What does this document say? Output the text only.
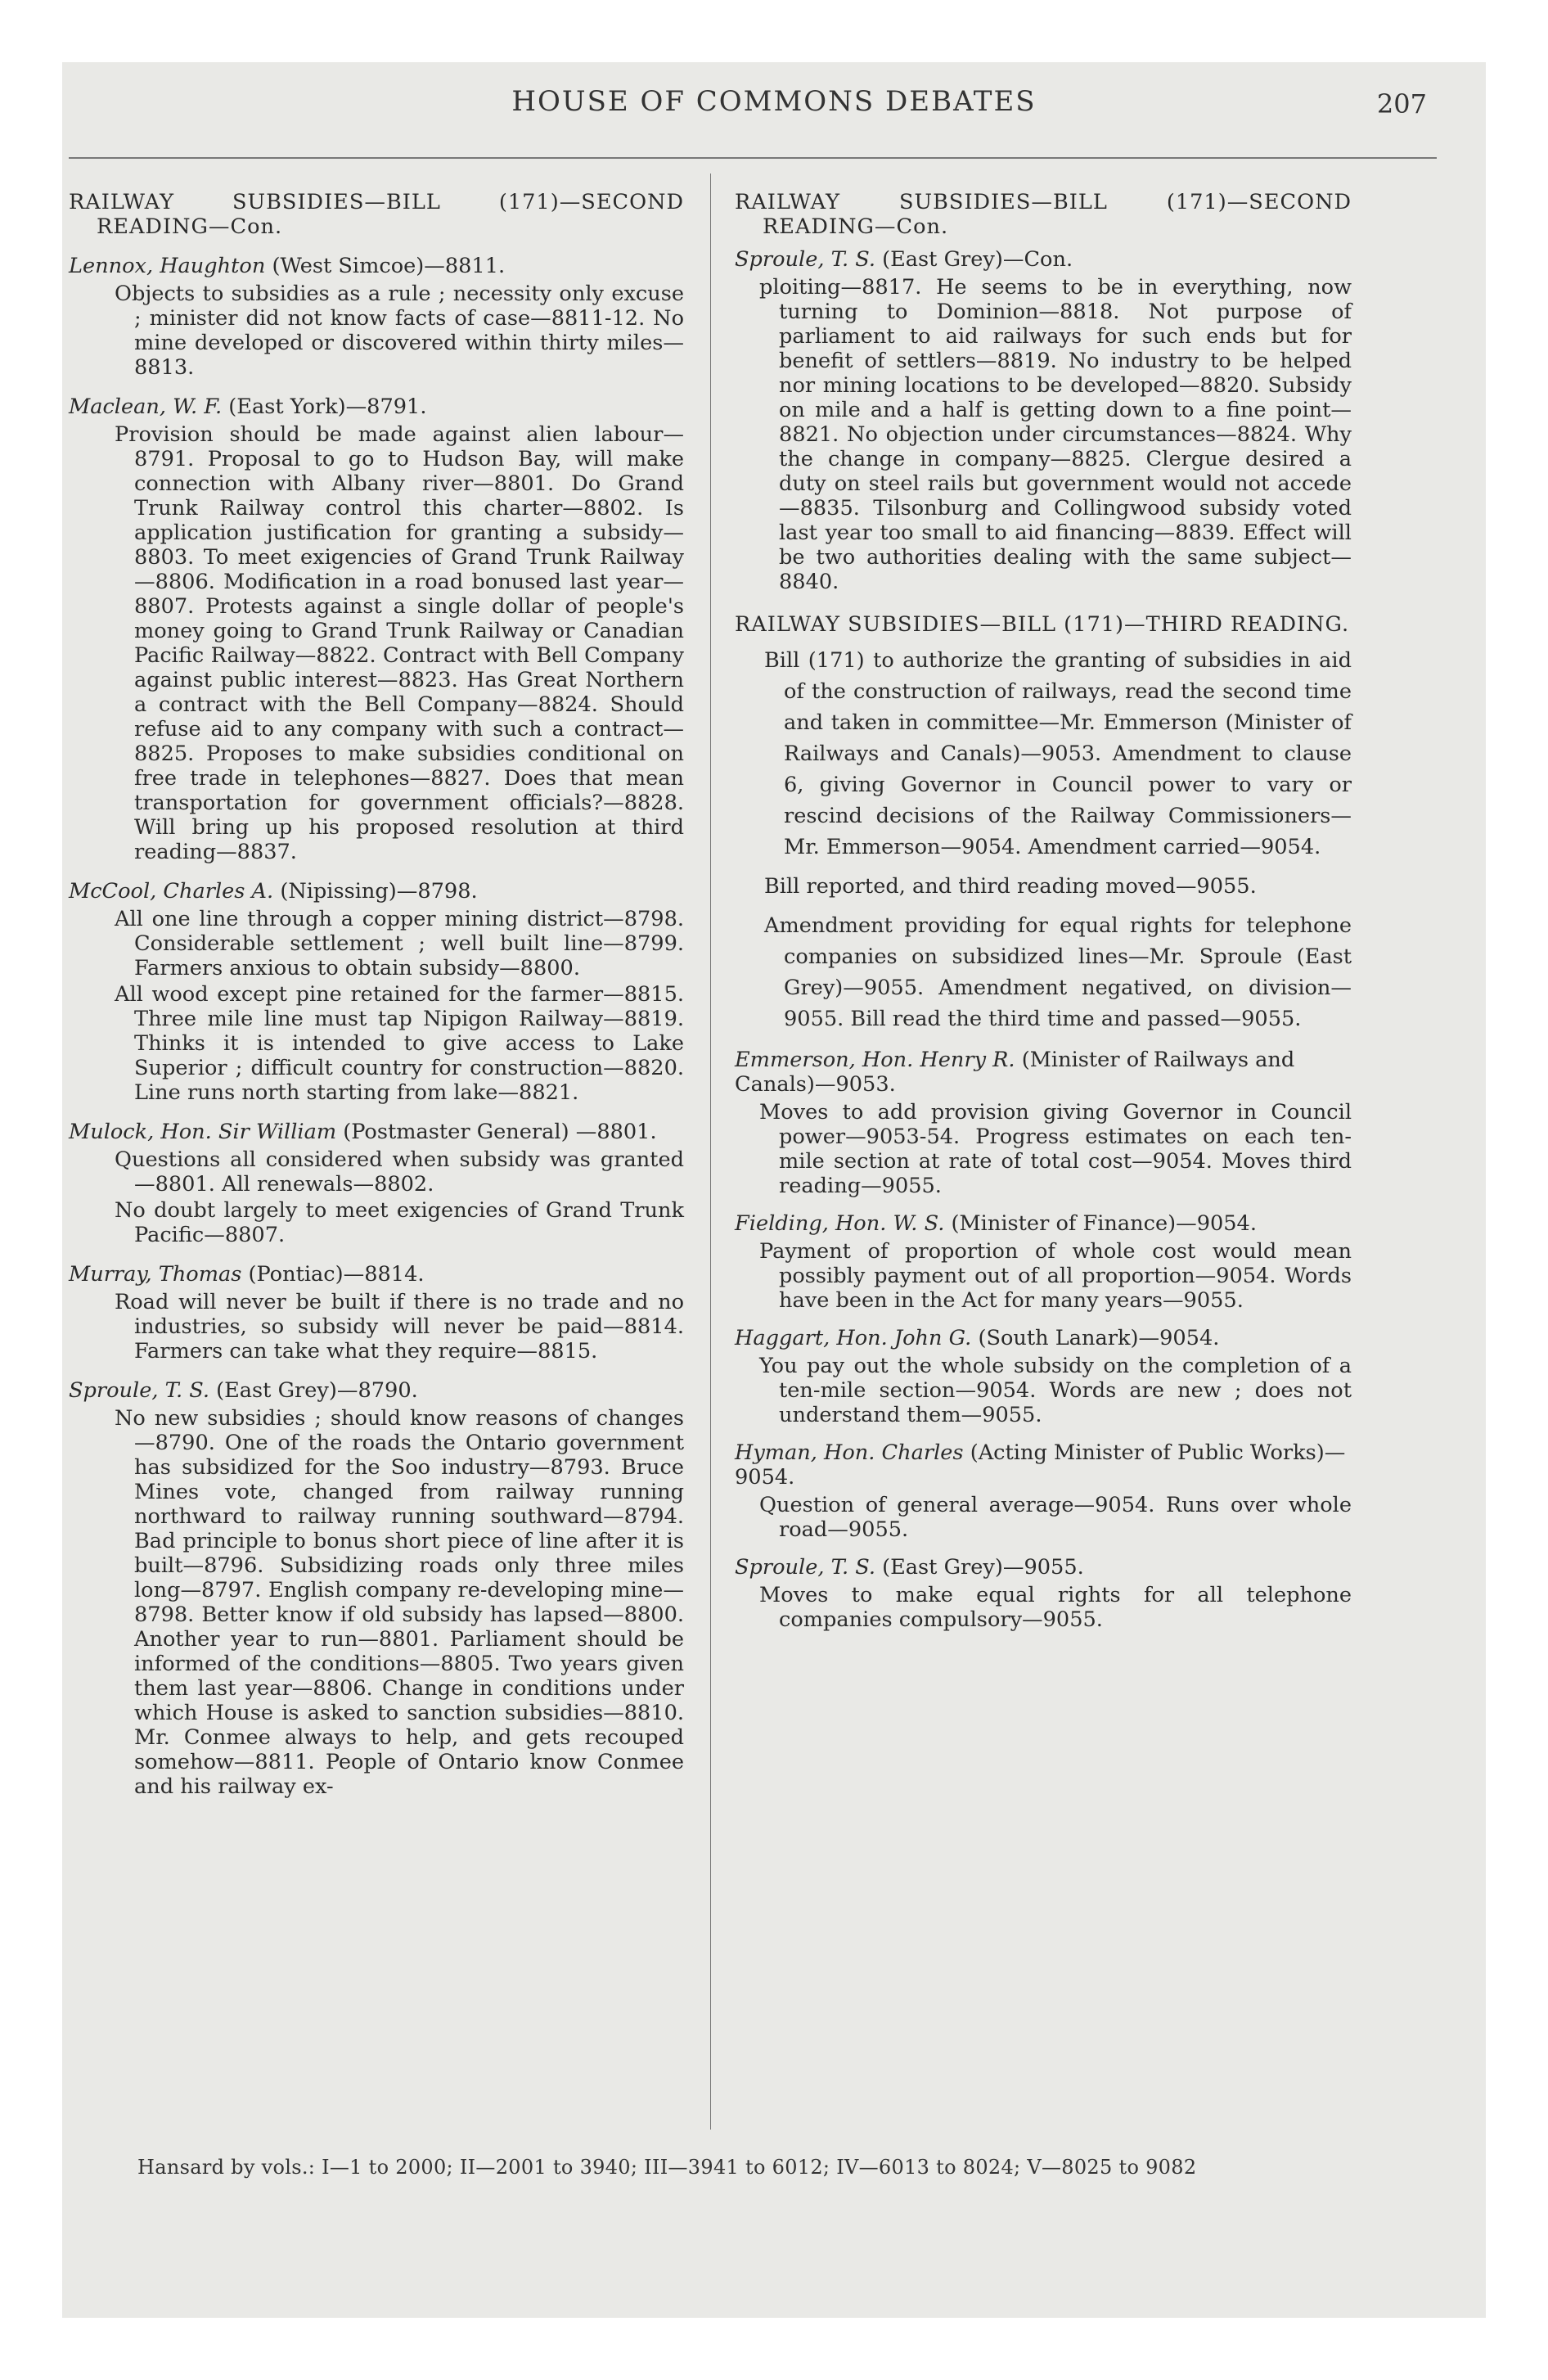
HOUSE OF COMMONS DEBATES	207

RAILWAY SUBSIDIES—BILL (171)—SECOND READING—Con.

Lennox, Haughton (West Simcoe)—8811.

Objects to subsidies as a rule ; necessity only excuse ; minister did not know facts of case—8811-12. No mine developed or discovered within thirty miles—8813.

Maclean, W. F. (East York)—8791.

Provision should be made against alien labour—8791. Proposal to go to Hudson Bay, will make connection with Albany river—8801. Do Grand Trunk Railway control this charter—8802. Is application justification for granting a subsidy—8803. To meet exigencies of Grand Trunk Railway—8806. Modification in a road bonused last year—8807. Protests against a single dollar of people's money going to Grand Trunk Railway or Canadian Pacific Railway—8822. Contract with Bell Company against public interest—8823. Has Great Northern a contract with the Bell Company—8824. Should refuse aid to any company with such a contract—8825. Proposes to make subsidies conditional on free trade in telephones—8827. Does that mean transportation for government officials?—8828. Will bring up his proposed resolution at third reading—8837.

McCool, Charles A. (Nipissing)—8798.

All one line through a copper mining district—8798. Considerable settlement ; well built line—8799. Farmers anxious to obtain subsidy—8800.

All wood except pine retained for the farmer—8815. Three mile line must tap Nipigon Railway—8819. Thinks it is intended to give access to Lake Superior ; difficult country for construction—8820. Line runs north starting from lake—8821.

Mulock, Hon. Sir William (Postmaster General) —8801.

Questions all considered when subsidy was granted—8801. All renewals—8802.

No doubt largely to meet exigencies of Grand Trunk Pacific—8807.

Murray, Thomas (Pontiac)—8814.

Road will never be built if there is no trade and no industries, so subsidy will never be paid—8814. Farmers can take what they require—8815.

Sproule, T. S. (East Grey)—8790.

No new subsidies ; should know reasons of changes—8790. One of the roads the Ontario government has subsidized for the Soo industry—8793. Bruce Mines vote, changed from railway running northward to railway running southward—8794. Bad principle to bonus short piece of line after it is built—8796. Subsidizing roads only three miles long—8797. English company re-developing mine—8798. Better know if old subsidy has lapsed—8800. Another year to run—8801. Parliament should be informed of the conditions—8805. Two years given them last year—8806. Change in conditions under which House is asked to sanction subsidies—8810. Mr. Conmee always to help, and gets recouped somehow—8811. People of Ontario know Conmee and his railway ex-

RAILWAY SUBSIDIES—BILL (171)—SECOND READING—Con.

Sproule, T. S. (East Grey)—Con.

ploiting—8817. He seems to be in everything, now turning to Dominion—8818. Not purpose of parliament to aid railways for such ends but for benefit of settlers—8819. No industry to be helped nor mining locations to be developed—8820. Subsidy on mile and a half is getting down to a fine point—8821. No objection under circumstances—8824. Why the change in company—8825. Clergue desired a duty on steel rails but government would not accede—8835. Tilsonburg and Collingwood subsidy voted last year too small to aid financing—8839. Effect will be two authorities dealing with the same subject—8840.

RAILWAY SUBSIDIES—BILL (171)—THIRD READING.

Bill (171) to authorize the granting of subsidies in aid of the construction of railways, read the second time and taken in committee—Mr. Emmerson (Minister of Railways and Canals)—9053. Amendment to clause 6, giving Governor in Council power to vary or rescind decisions of the Railway Commissioners—Mr. Emmerson—9054. Amendment carried—9054.

Bill reported, and third reading moved—9055.

Amendment providing for equal rights for telephone companies on subsidized lines—Mr. Sproule (East Grey)—9055. Amendment negatived, on division—9055. Bill read the third time and passed—9055.

Emmerson, Hon. Henry R. (Minister of Railways and Canals)—9053.

Moves to add provision giving Governor in Council power—9053-54. Progress estimates on each ten-mile section at rate of total cost—9054. Moves third reading—9055.

Fielding, Hon. W. S. (Minister of Finance)—9054.

Payment of proportion of whole cost would mean possibly payment out of all proportion—9054. Words have been in the Act for many years—9055.

Haggart, Hon. John G. (South Lanark)—9054.

You pay out the whole subsidy on the completion of a ten-mile section—9054. Words are new ; does not understand them—9055.

Hyman, Hon. Charles (Acting Minister of Public Works)—9054.

Question of general average—9054. Runs over whole road—9055.

Sproule, T. S. (East Grey)—9055.

Moves to make equal rights for all telephone companies compulsory—9055.

Hansard by vols.: I—1 to 2000; II—2001 to 3940; III—3941 to 6012; IV—6013 to 8024; V—8025 to 9082
